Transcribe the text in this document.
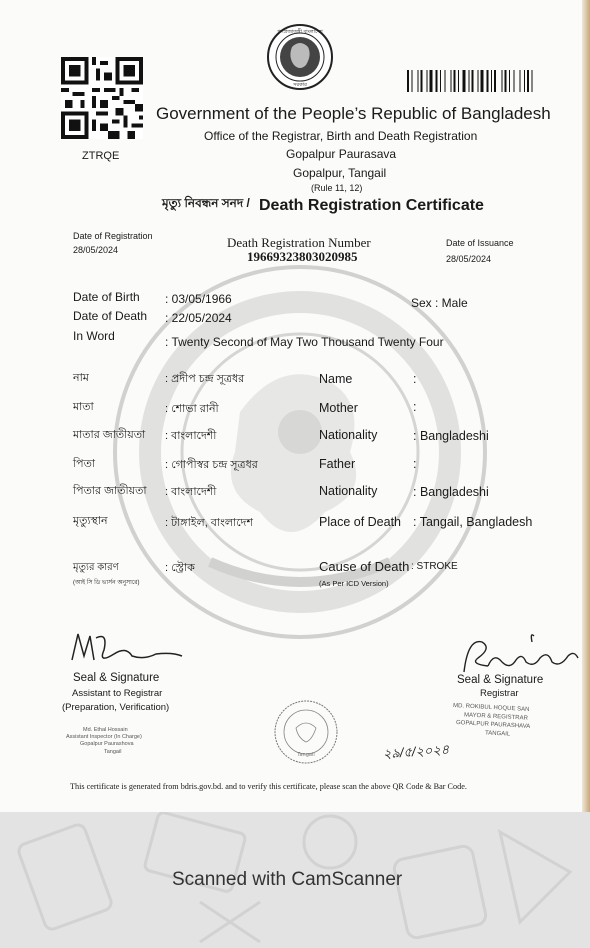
ZTRQE
গণপ্রজাতন্ত্রী বাংলাদেশ
সরকার
Government of the People’s Republic of Bangladesh
Office of the Registrar, Birth and Death Registration
Gopalpur Paurasava
Gopalpur, Tangail
(Rule 11, 12)
মৃত্যু নিবন্ধন সনদ / Death Registration Certificate
Date of Registration
28/05/2024	Death Registration Number
19669323803020985
Date of Issuance
28/05/2024
Date of Birth : 03/05/1966	Sex : Male
Date of Death : 22/05/2024
In Word	: Twenty Second of May Two Thousand Twenty Four
নাম	: প্রদীপ চন্দ্র সূত্রধর	Name	:
মাতা	: শোভা রানী	Mother	:
মাতার জাতীয়তা : বাংলাদেশী	Nationality	: Bangladeshi
পিতা	: গোপীস্বর চন্দ্র সূত্রধর	Father	:
পিতার জাতীয়তা : বাংলাদেশী	Nationality	: Bangladeshi
মৃত্যুস্থান	: টাঙ্গাইল, বাংলাদেশ	Place of Death : Tangail, Bangladesh
মৃত্যুর কারণ
(আই সি ডি ভার্সন অনুসারে)
: স্ট্রোক	Cause of Death
(As Per ICD Version)
: STROKE
Seal & Signature
Assistant to Registrar
(Preparation, Verification)
Md. Ethal Hossain
Assistant Inspector (In Charge)
Gopalpur Paurashova
Tangail	Tangail	২৯/৫/২০২৪
Seal & Signature
Registrar
MD. ROKIBUL HOQUE SAN
MAYOR & REGISTRAR
GOPALPUR PAURASHAVA
TANGAIL
This certificate is generated from bdris.gov.bd. and to verify this certificate, please scan the above QR Code & Bar Code.
Scanned with CamScanner
